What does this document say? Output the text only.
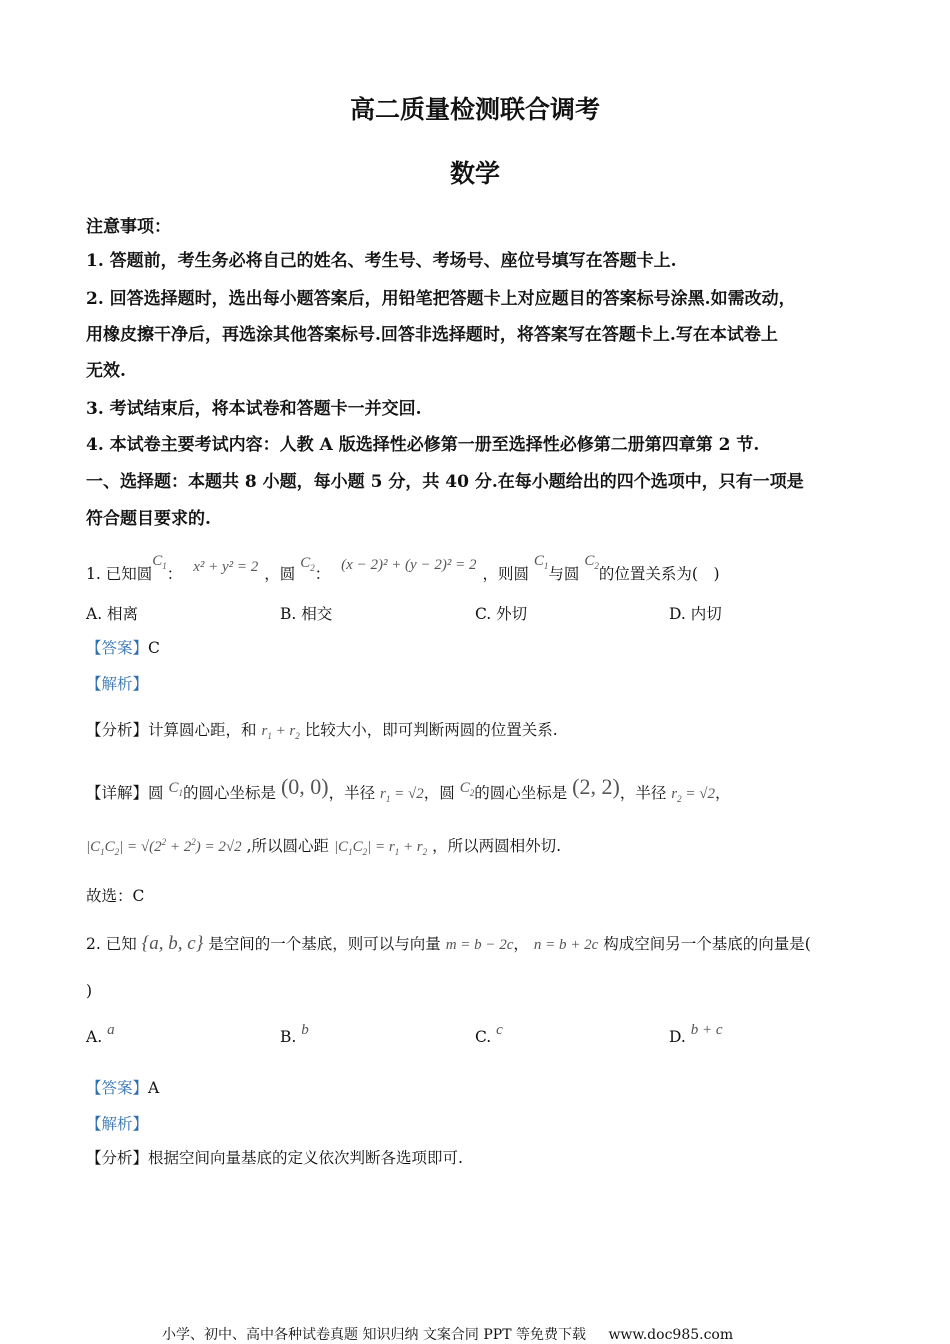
高二质量检测联合调考
数学
注意事项：
1. 答题前，考生务必将自己的姓名、考生号、考场号、座位号填写在答题卡上.
2. 回答选择题时，选出每小题答案后，用铅笔把答题卡上对应题目的答案标号涂黑.如需改动，
用橡皮擦干净后，再选涂其他答案标号.回答非选择题时，将答案写在答题卡上.写在本试卷上
无效.
3. 考试结束后，将本试卷和答题卡一并交回.
4. 本试卷主要考试内容：人教 A 版选择性必修第一册至选择性必修第二册第四章第 2 节.
一、选择题：本题共 8 小题，每小题 5 分，共 40 分.在每小题给出的四个选项中，只有一项是
符合题目要求的.
1. 已知圆$C_1$： x² + y² = 2 ，圆 $C_2$： (x − 2)² + (y − 2)² = 2 ，则圆 $C_1$与圆 $C_2$的位置关系为(　)
A. 相离	B. 相交	C. 外切	D. 内切
【答案】C
【解析】
【分析】计算圆心距，和 $r_1 + r_2$ 比较大小，即可判断两圆的位置关系.
【详解】圆 $C_1$的圆心坐标是 (0, 0)，半径 $r_1 = √2$，圆 $C_2$的圆心坐标是 (2, 2)，半径 $r_2 = √2$，
$|C_1C_2| = √(2^2 + 2^2) = 2√2$ ,所以圆心距 $|C_1C_2| = r_1 + r_2$ ，所以两圆相外切.
故选：C
2. 已知 {a, b, c} 是空间的一个基底，则可以与向量 m = b − 2c， n = b + 2c 构成空间另一个基底的向量是(
)
A. a	B. b	C. c	D. b + c
【答案】A
【解析】
【分析】根据空间向量基底的定义依次判断各选项即可.
小学、初中、高中各种试卷真题 知识归纳 文案合同 PPT 等免费下载 www.doc985.com
